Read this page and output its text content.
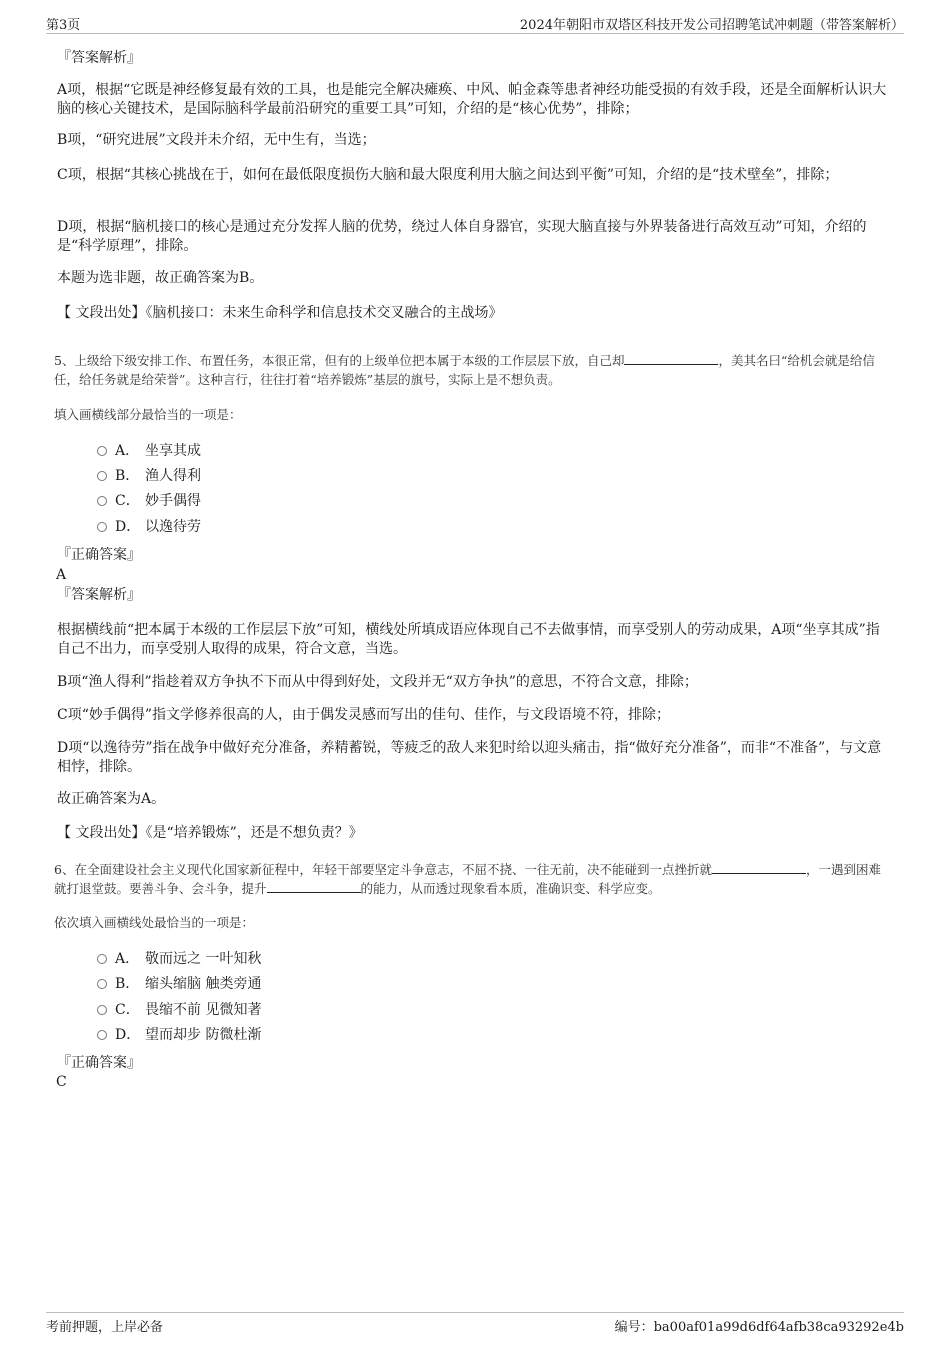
第3页	2024年朝阳市双塔区科技开发公司招聘笔试冲刺题（带答案解析）
『答案解析』
A项，根据“它既是神经修复最有效的工具，也是能完全解决瘫痪、中风、帕金森等患者神经功能受损的有效手段，还是全面解析认识大脑的核心关键技术，是国际脑科学最前沿研究的重要工具”可知，介绍的是“核心优势”，排除；
B项，“研究进展”文段并未介绍，无中生有，当选；
C项，根据“其核心挑战在于，如何在最低限度损伤大脑和最大限度利用大脑之间达到平衡”可知，介绍的是“技术壁垒”，排除；
D项，根据“脑机接口的核心是通过充分发挥人脑的优势，绕过人体自身器官，实现大脑直接与外界装备进行高效互动”可知，介绍的是“科学原理”，排除。
本题为选非题，故正确答案为B。
【 文段出处】《脑机接口：未来生命科学和信息技术交叉融合的主战场》
5、上级给下级安排工作、布置任务，本很正常，但有的上级单位把本属于本级的工作层层下放，自己却	，美其名曰“给机会就是给信任，给任务就是给荣誉”。这种言行，往往打着“培养锻炼”基层的旗号，实际上是不想负责。
填入画横线部分最恰当的一项是：
A． 坐享其成
B． 渔人得利
C． 妙手偶得
D． 以逸待劳
『正确答案』
A
『答案解析』
根据横线前“把本属于本级的工作层层下放”可知，横线处所填成语应体现自己不去做事情，而享受别人的劳动成果，A项“坐享其成”指自己不出力，而享受别人取得的成果，符合文意，当选。
B项“渔人得利”指趁着双方争执不下而从中得到好处，文段并无“双方争执”的意思，不符合文意，排除；
C项“妙手偶得”指文学修养很高的人，由于偶发灵感而写出的佳句、佳作，与文段语境不符，排除；
D项“以逸待劳”指在战争中做好充分准备，养精蓄锐，等疲乏的敌人来犯时给以迎头痛击，指“做好充分准备”，而非“不准备”，与文意相悖，排除。
故正确答案为A。
【 文段出处】《是“培养锻炼”，还是不想负责？》
6、在全面建设社会主义现代化国家新征程中，年轻干部要坚定斗争意志，不屈不挠、一往无前，决不能碰到一点挫折就	，一遇到困难就打退堂鼓。要善斗争、会斗争，提升	的能力，从而透过现象看本质，准确识变、科学应变。
依次填入画横线处最恰当的一项是：
A． 敬而远之 一叶知秋
B． 缩头缩脑 触类旁通
C． 畏缩不前 见微知著
D． 望而却步 防微杜渐
『正确答案』
C
考前押题，上岸必备	编号：ba00af01a99d6df64afb38ca93292e4b
